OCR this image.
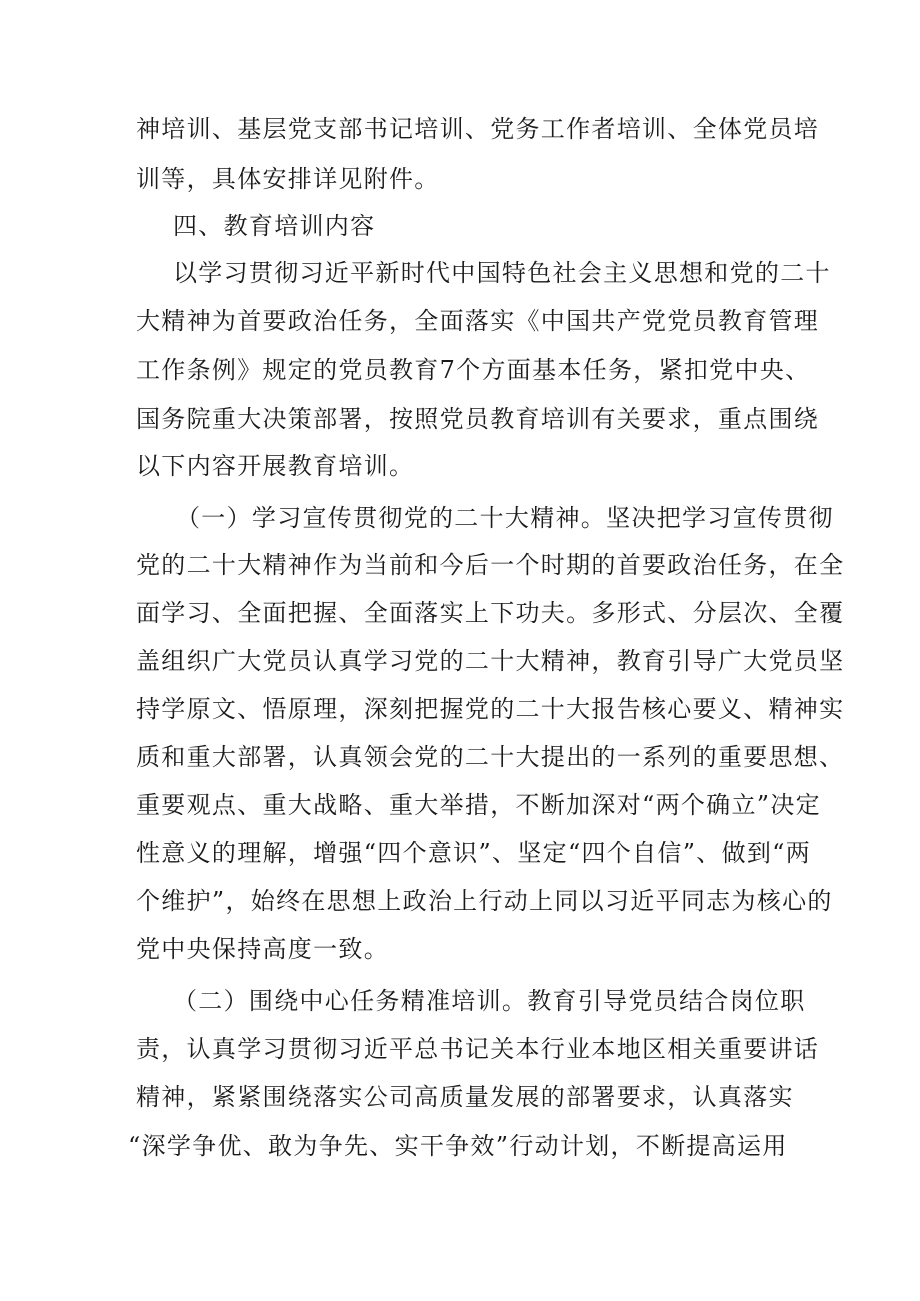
神培训、基层党支部书记培训、党务工作者培训、全体党员培
训等，具体安排详见附件。
四、教育培训内容
以学习贯彻习近平新时代中国特色社会主义思想和党的二十
大精神为首要政治任务，全面落实《中国共产党党员教育管理
工作条例》规定的党员教育7个方面基本任务，紧扣党中央、
国务院重大决策部署，按照党员教育培训有关要求，重点围绕
以下内容开展教育培训。
（一）学习宣传贯彻党的二十大精神。坚决把学习宣传贯彻
党的二十大精神作为当前和今后一个时期的首要政治任务，在全
面学习、全面把握、全面落实上下功夫。多形式、分层次、全覆
盖组织广大党员认真学习党的二十大精神，教育引导广大党员坚
持学原文、悟原理，深刻把握党的二十大报告核心要义、精神实
质和重大部署，认真领会党的二十大提出的一系列的重要思想、
重要观点、重大战略、重大举措，不断加深对“两个确立”决定
性意义的理解，增强“四个意识”、坚定“四个自信”、做到“两
个维护”，始终在思想上政治上行动上同以习近平同志为核心的
党中央保持高度一致。
（二）围绕中心任务精准培训。教育引导党员结合岗位职
责，认真学习贯彻习近平总书记关本行业本地区相关重要讲话
精神，紧紧围绕落实公司高质量发展的部署要求，认真落实
“深学争优、敢为争先、实干争效”行动计划，不断提高运用
